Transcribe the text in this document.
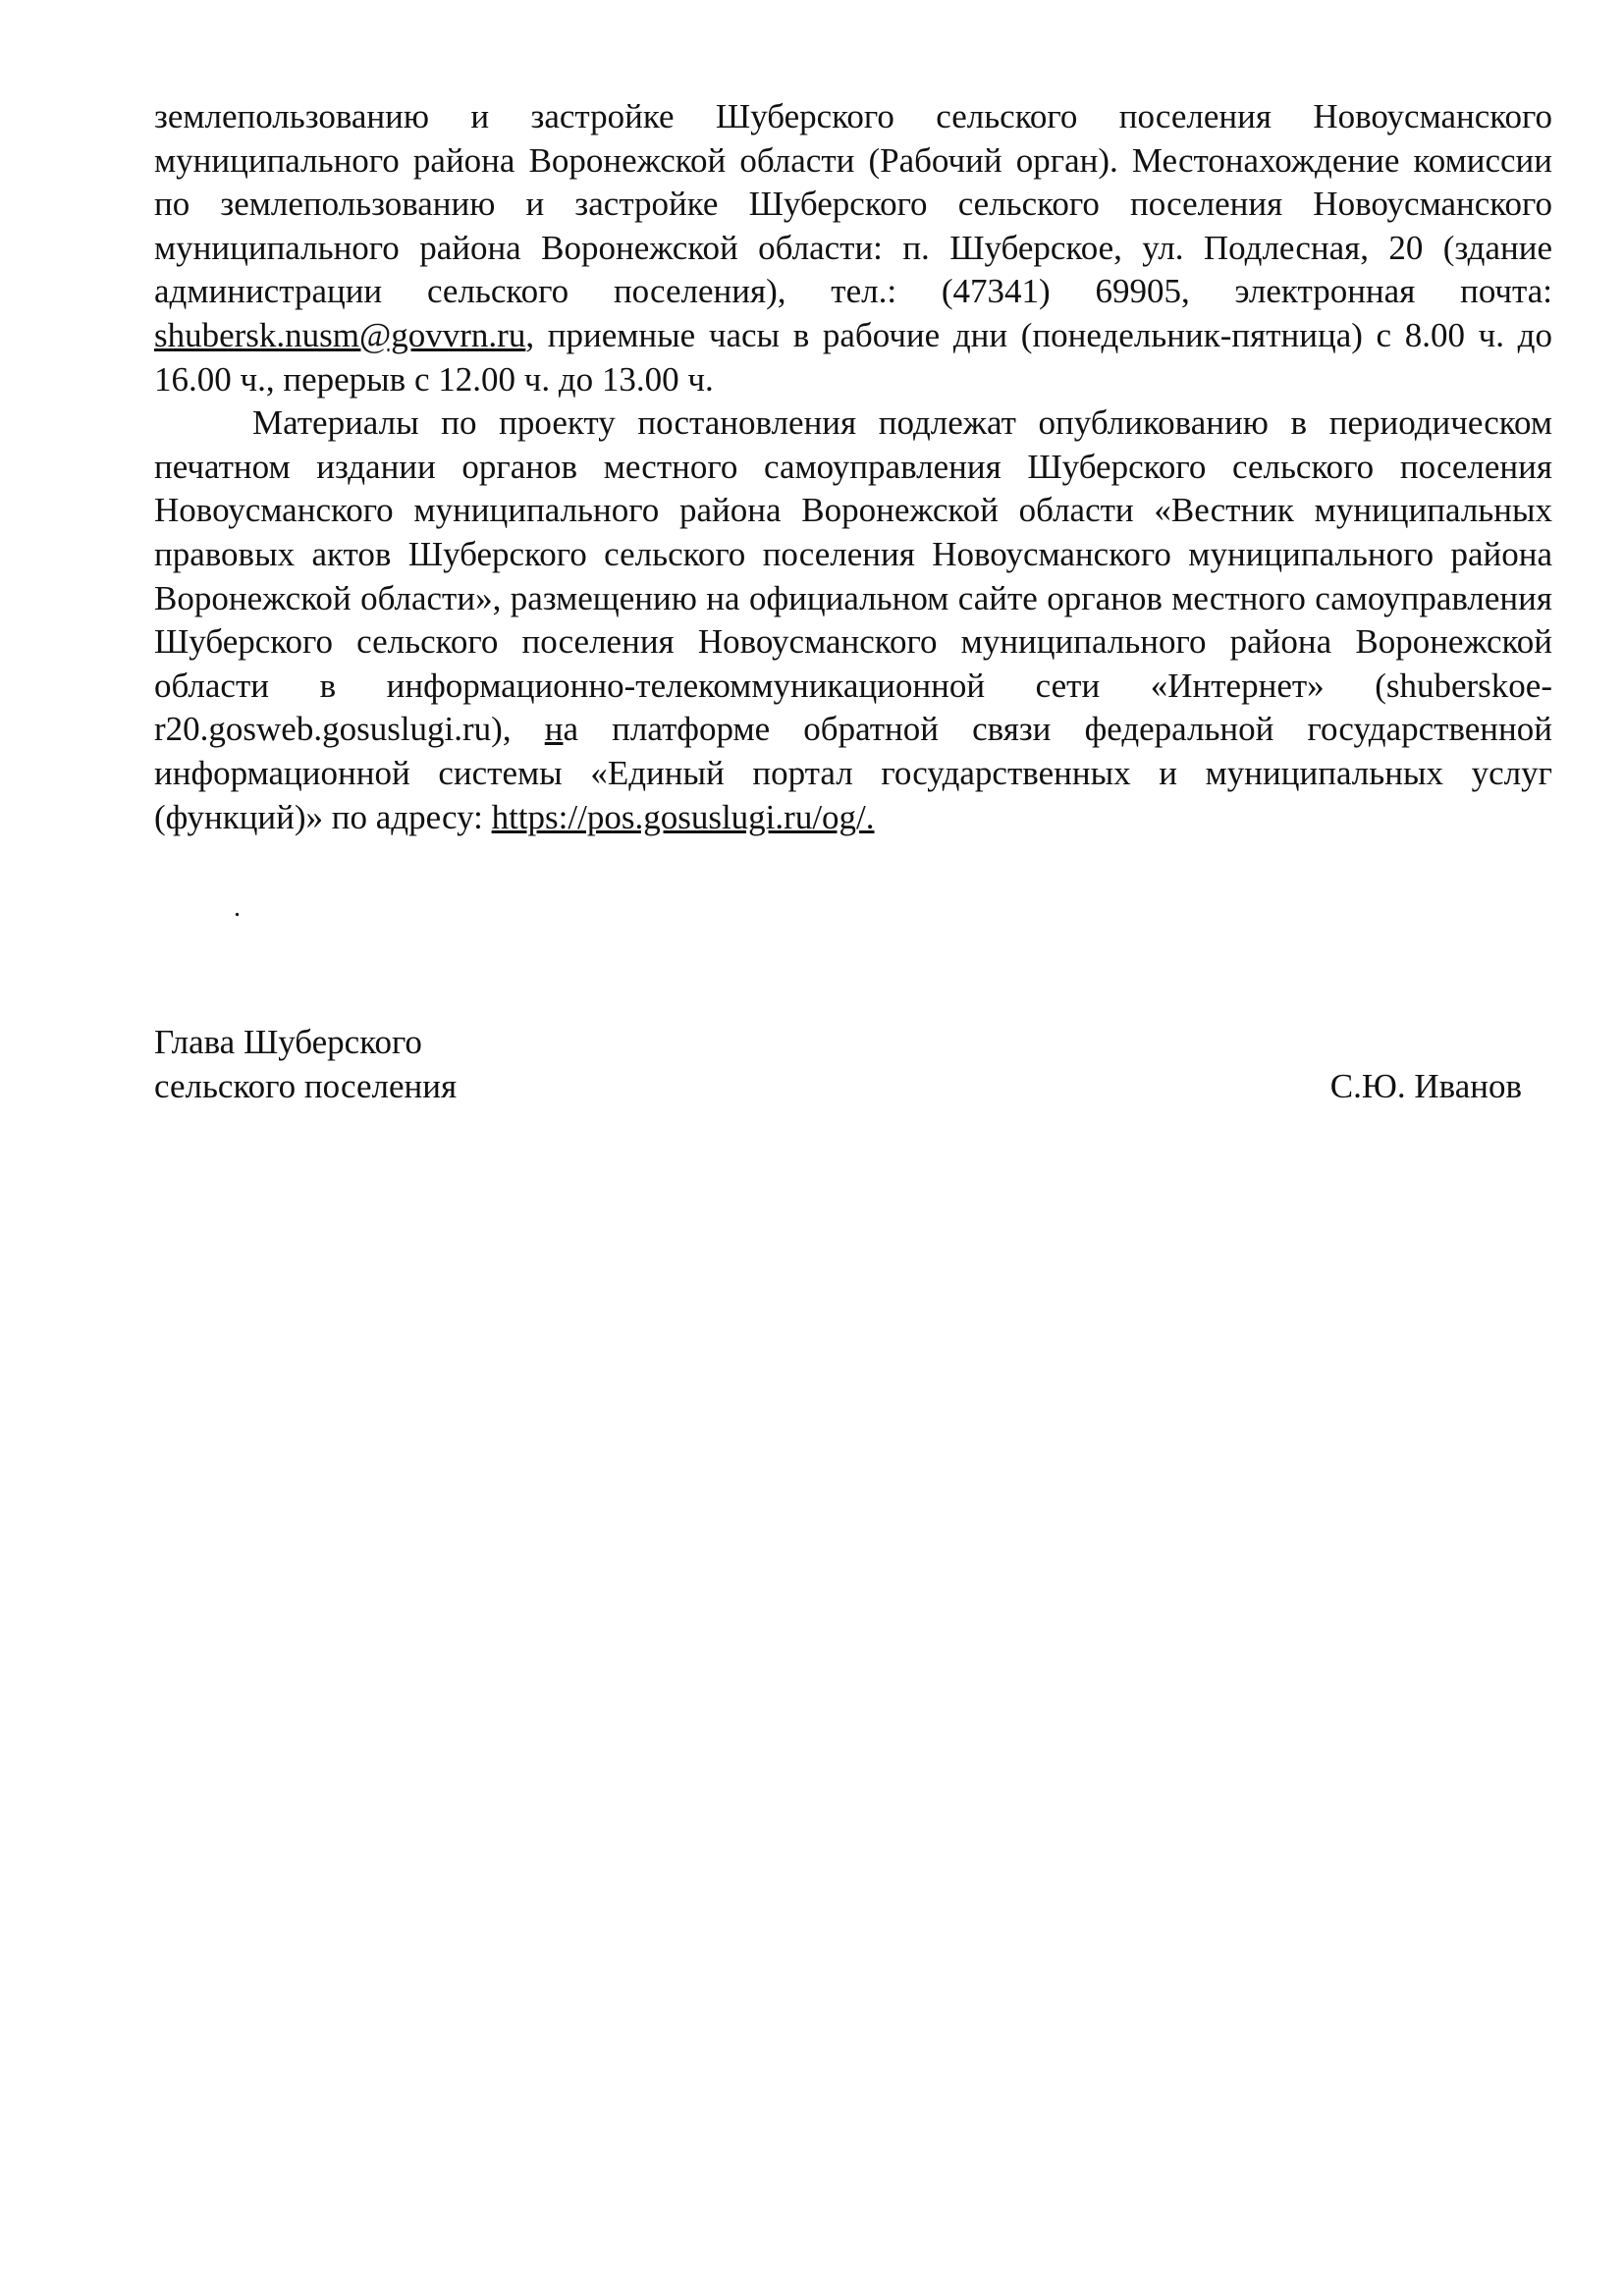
землепользованию и застройке Шуберского сельского поселения Новоусманского муниципального района Воронежской области (Рабочий орган). Местонахождение комиссии по землепользованию и застройке Шуберского сельского поселения Новоусманского муниципального района Воронежской области: п. Шуберское, ул. Подлесная, 20 (здание администрации сельского поселения), тел.: (47341) 69905, электронная почта: shubersk.nusm@govvrn.ru, приемные часы в рабочие дни (понедельник-пятница) с 8.00 ч. до 16.00 ч., перерыв с 12.00 ч. до 13.00 ч.

Материалы по проекту постановления подлежат опубликованию в периодическом печатном издании органов местного самоуправления Шуберского сельского поселения Новоусманского муниципального района Воронежской области «Вестник муниципальных правовых актов Шуберского сельского поселения Новоусманского муниципального района Воронежской области», размещению на официальном сайте органов местного самоуправления Шуберского сельского поселения Новоусманского муниципального района Воронежской области в информационно-телекоммуникационной сети «Интернет» (shuberskoe-r20.gosweb.gosuslugi.ru), на платформе обратной связи федеральной государственной информационной системы «Единый портал государственных и муниципальных услуг (функций)» по адресу: https://pos.gosuslugi.ru/og/.

.
Глава Шуберского
сельского поселения	С.Ю. Иванов
